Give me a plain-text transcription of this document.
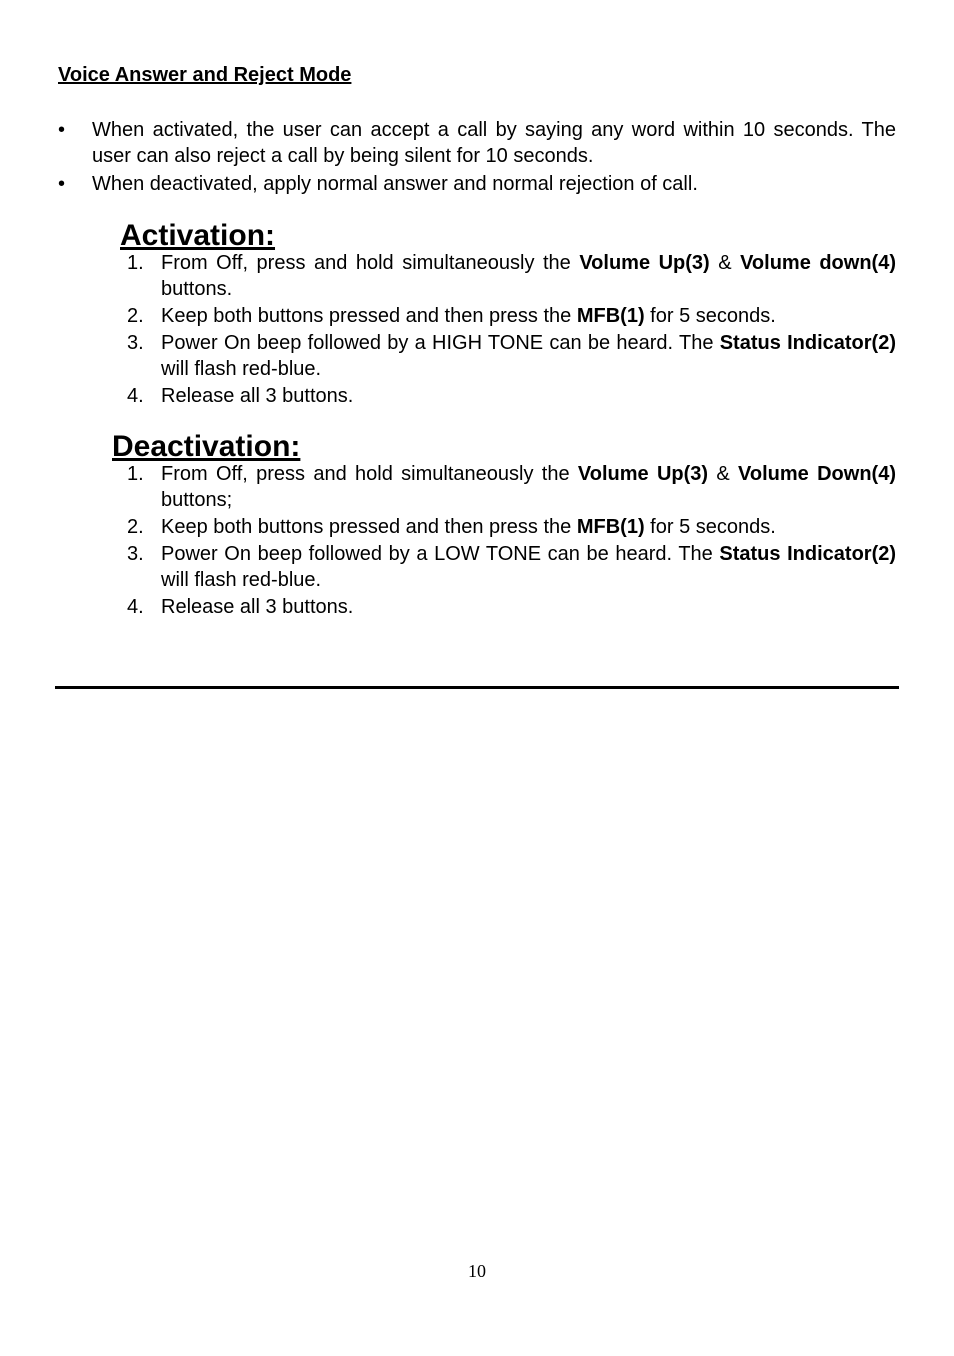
Voice Answer and Reject Mode
• When activated, the user can accept a call by saying any word within 10 seconds. The user can also reject a call by being silent for 10 seconds.
• When deactivated, apply normal answer and normal rejection of call.
Activation:
1. From Off, press and hold simultaneously the Volume Up(3) & Volume down(4) buttons.
2. Keep both buttons pressed and then press the MFB(1) for 5 seconds.
3. Power On beep followed by a HIGH TONE can be heard. The Status Indicator(2) will flash red-blue.
4. Release all 3 buttons.
Deactivation:
1. From Off, press and hold simultaneously the Volume Up(3) & Volume Down(4) buttons;
2. Keep both buttons pressed and then press the MFB(1) for 5 seconds.
3. Power On beep followed by a LOW TONE can be heard. The Status Indicator(2) will flash red-blue.
4. Release all 3 buttons.
10
